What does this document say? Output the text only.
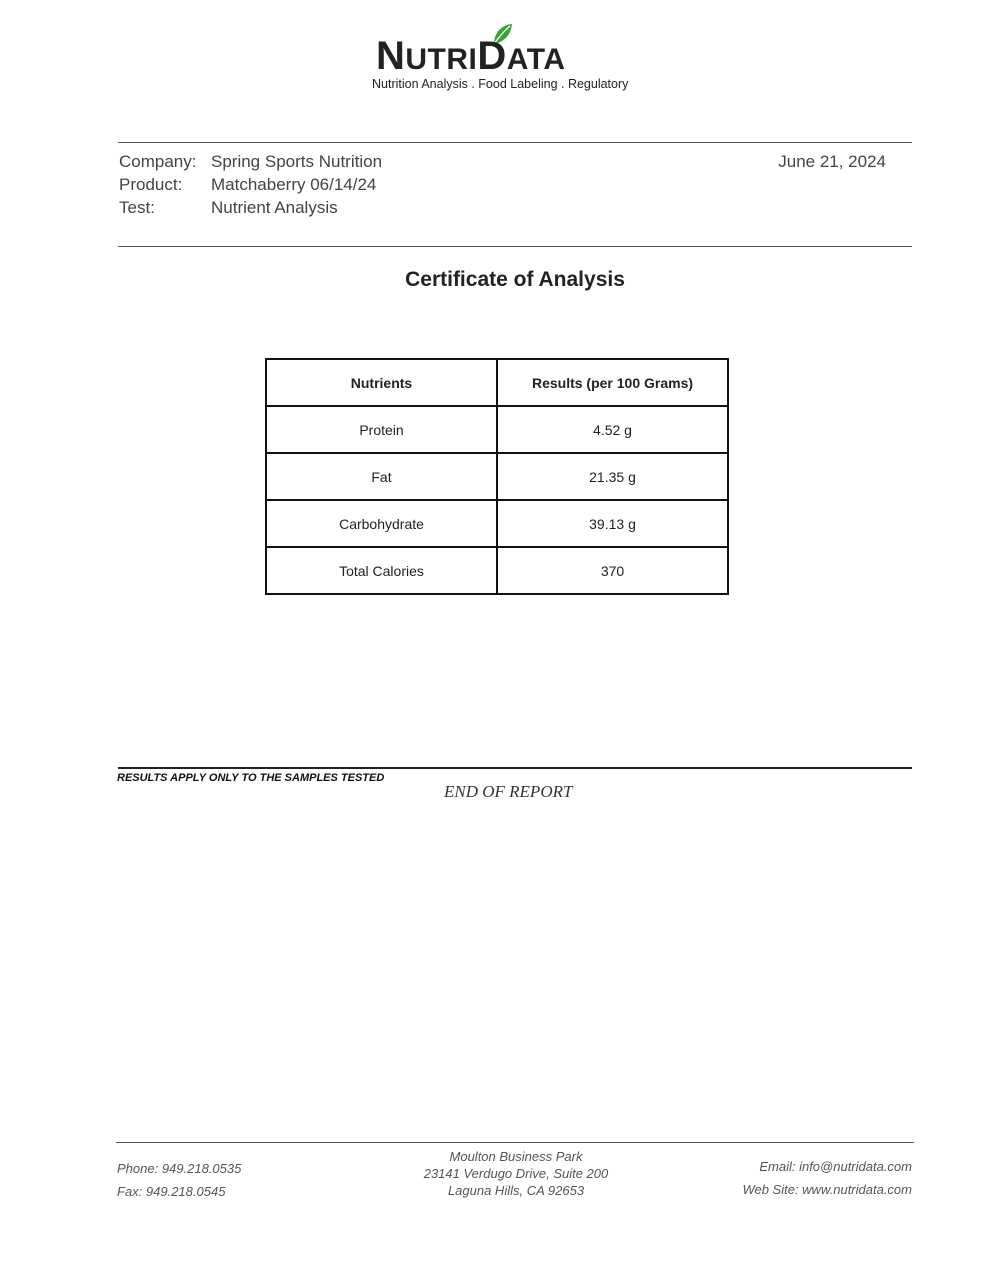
NUTRIDATA
Nutrition Analysis . Food Labeling . Regulatory
Company: Spring Sports Nutrition
Product: Matchaberry 06/14/24
Test:	Nutrient Analysis
June 21, 2024
Certificate of Analysis
Nutrients	Results (per 100 Grams)
Protein	4.52 g
Fat	21.35 g
Carbohydrate	39.13 g
Total Calories	370
RESULTS APPLY ONLY TO THE SAMPLES TESTED
END OF REPORT
Phone: 949.218.0535
Fax: 949.218.0545
Moulton Business Park
23141 Verdugo Drive, Suite 200
Laguna Hills, CA 92653
Email: info@nutridata.com
Web Site: www.nutridata.com
